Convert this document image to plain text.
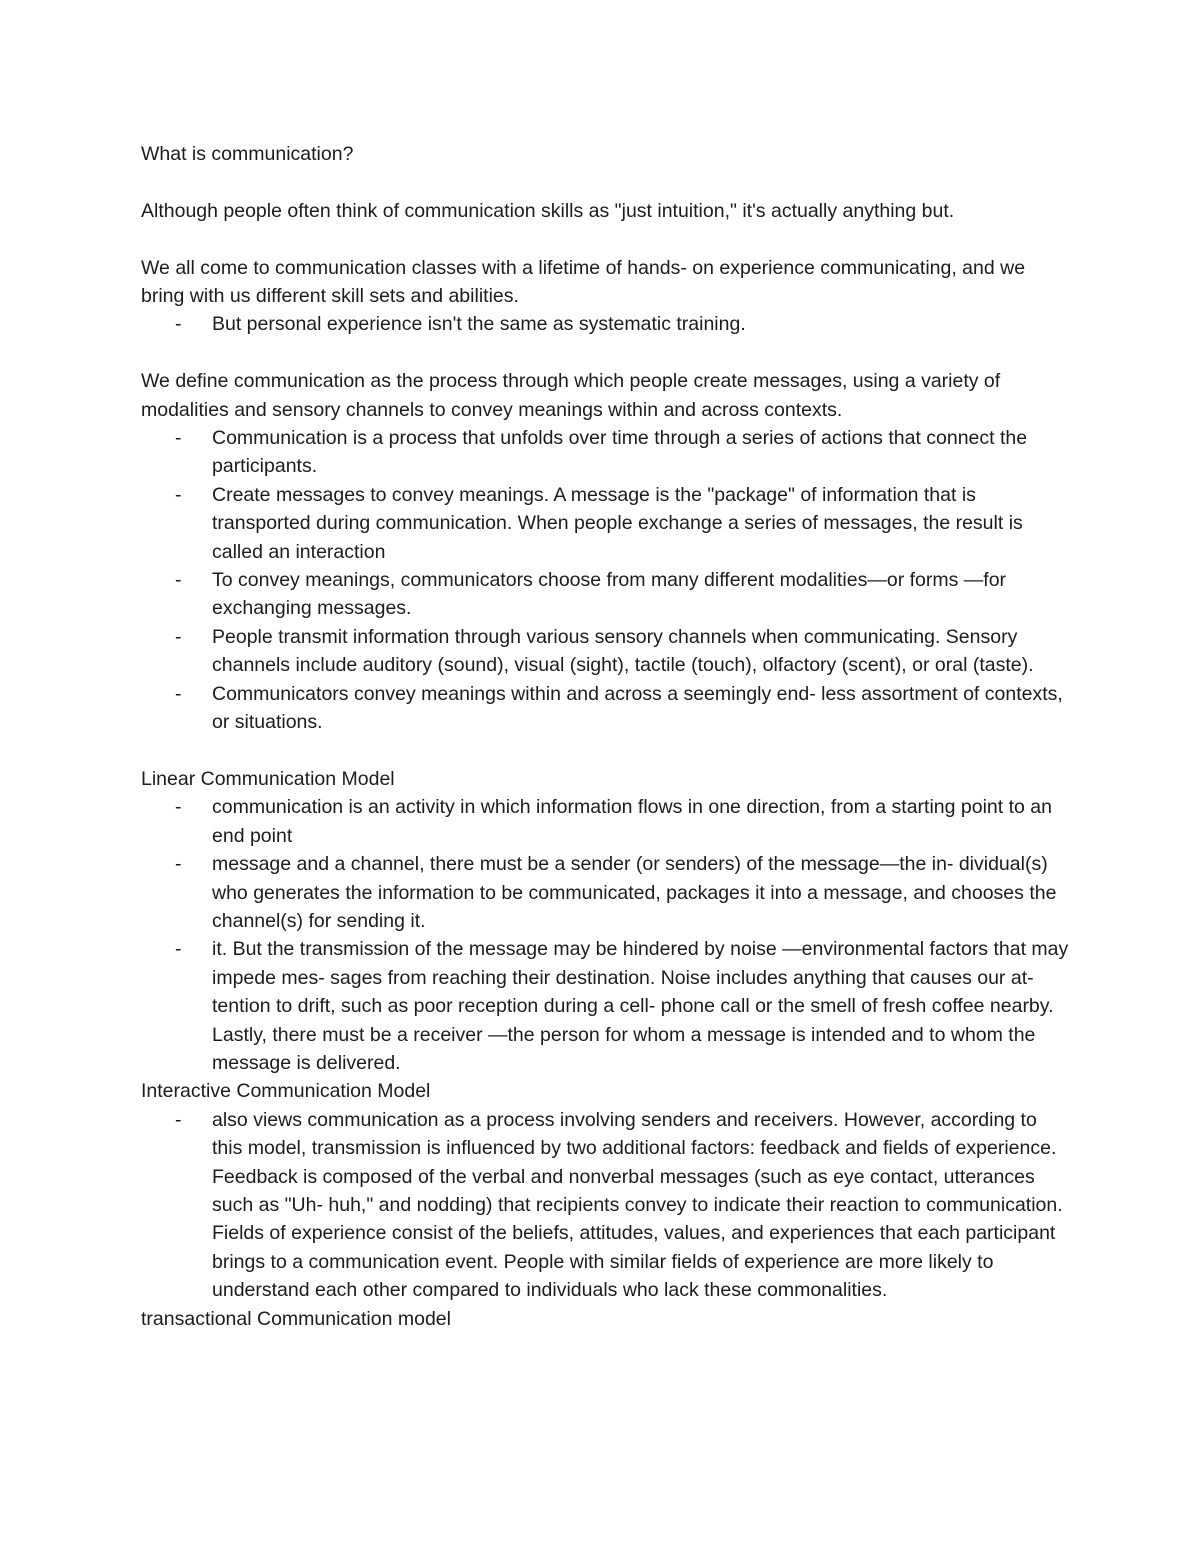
What is communication?

Although people often think of communication skills as "just intuition," it's actually anything but.

We all come to communication classes with a lifetime of hands- on experience communicating, and we bring with us different skill sets and abilities.

- But personal experience isn't the same as systematic training.

We define communication as the process through which people create messages, using a variety of modalities and sensory channels to convey meanings within and across contexts.

- Communication is a process that unfolds over time through a series of actions that connect the participants.
- Create messages to convey meanings. A message is the "package" of information that is transported during communication. When people exchange a series of messages, the result is called an interaction
- To convey meanings, communicators choose from many different modalities—or forms —for exchanging messages.
- People transmit information through various sensory channels when communicating. Sensory channels include auditory (sound), visual (sight), tactile (touch), olfactory (scent), or oral (taste).
- Communicators convey meanings within and across a seemingly end- less assortment of contexts, or situations.

Linear Communication Model

- communication is an activity in which information flows in one direction, from a starting point to an end point
- message and a channel, there must be a sender (or senders) of the message—the in- dividual(s) who generates the information to be communicated, packages it into a message, and chooses the channel(s) for sending it.
- it. But the transmission of the message may be hindered by noise —environmental factors that may impede mes- sages from reaching their destination. Noise includes anything that causes our at- tention to drift, such as poor reception during a cell- phone call or the smell of fresh coffee nearby. Lastly, there must be a receiver —the person for whom a message is intended and to whom the message is delivered.

Interactive Communication Model

- also views communication as a process involving senders and receivers. However, according to this model, transmission is influenced by two additional factors: feedback and fields of experience. Feedback is composed of the verbal and nonverbal messages (such as eye contact, utterances such as "Uh- huh," and nodding) that recipients convey to indicate their reaction to communication. Fields of experience consist of the beliefs, attitudes, values, and experiences that each participant brings to a communication event. People with similar fields of experience are more likely to understand each other compared to individuals who lack these commonalities.

transactional Communication model
